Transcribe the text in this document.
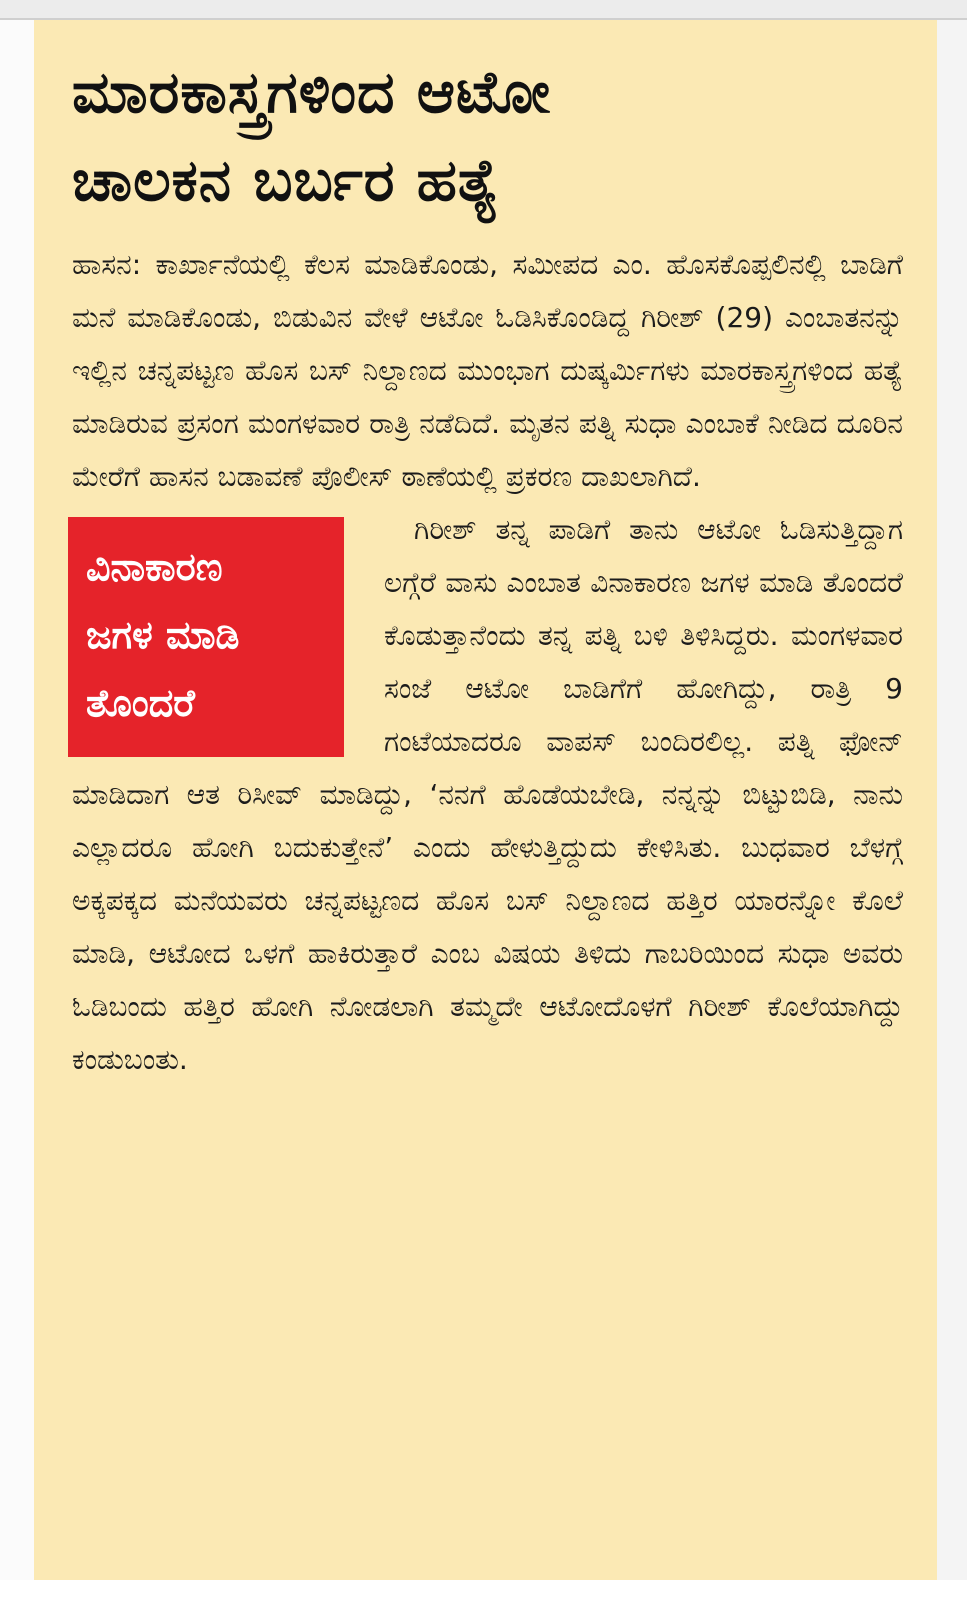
ಮಾರಕಾಸ್ತ್ರಗಳಿಂದ ಆಟೋ
ಚಾಲಕನ ಬರ್ಬರ ಹತ್ಯೆ

ಹಾಸನ: ಕಾರ್ಖಾನೆಯಲ್ಲಿ ಕೆಲಸ ಮಾಡಿಕೊಂಡು, ಸಮೀಪದ ಎಂ. ಹೊಸಕೊಪ್ಪಲಿನಲ್ಲಿ ಬಾಡಿಗೆ ಮನೆ ಮಾಡಿಕೊಂಡು, ಬಿಡುವಿನ ವೇಳೆ ಆಟೋ ಓಡಿಸಿಕೊಂಡಿದ್ದ ಗಿರೀಶ್ (29) ಎಂಬಾತನನ್ನು ಇಲ್ಲಿನ ಚನ್ನಪಟ್ಟಣ ಹೊಸ ಬಸ್ ನಿಲ್ದಾಣದ ಮುಂಭಾಗ ದುಷ್ಕರ್ಮಿಗಳು ಮಾರಕಾಸ್ತ್ರಗಳಿಂದ ಹತ್ಯೆ ಮಾಡಿರುವ ಪ್ರಸಂಗ ಮಂಗಳವಾರ ರಾತ್ರಿ ನಡೆದಿದೆ. ಮೃತನ ಪತ್ನಿ ಸುಧಾ ಎಂಬಾಕೆ ನೀಡಿದ ದೂರಿನ ಮೇರೆಗೆ ಹಾಸನ ಬಡಾವಣೆ ಪೊಲೀಸ್ ಠಾಣೆಯಲ್ಲಿ ಪ್ರಕರಣ ದಾಖಲಾಗಿದೆ.

ವಿನಾಕಾರಣ
ಜಗಳ ಮಾಡಿ
ತೊಂದರೆ

ಗಿರೀಶ್ ತನ್ನ ಪಾಡಿಗೆ ತಾನು ಆಟೋ ಓಡಿಸುತ್ತಿದ್ದಾಗ ಲಗ್ಗೆರೆ ವಾಸು ಎಂಬಾತ ವಿನಾಕಾರಣ ಜಗಳ ಮಾಡಿ ತೊಂದರೆ ಕೊಡುತ್ತಾನೆಂದು ತನ್ನ ಪತ್ನಿ ಬಳಿ ತಿಳಿಸಿದ್ದರು. ಮಂಗಳವಾರ ಸಂಜೆ ಆಟೋ ಬಾಡಿಗೆಗೆ ಹೋಗಿದ್ದು, ರಾತ್ರಿ 9 ಗಂಟೆಯಾದರೂ ವಾಪಸ್ ಬಂದಿರಲಿಲ್ಲ. ಪತ್ನಿ ಫೋನ್ ಮಾಡಿದಾಗ ಆತ ರಿಸೀವ್ ಮಾಡಿದ್ದು, ‘ನನಗೆ ಹೊಡೆಯಬೇಡಿ, ನನ್ನನ್ನು ಬಿಟ್ಟುಬಿಡಿ, ನಾನು ಎಲ್ಲಾದರೂ ಹೋಗಿ ಬದುಕುತ್ತೇನೆ’ ಎಂದು ಹೇಳುತ್ತಿದ್ದುದು ಕೇಳಿಸಿತು. ಬುಧವಾರ ಬೆಳಗ್ಗೆ ಅಕ್ಕಪಕ್ಕದ ಮನೆಯವರು ಚನ್ನಪಟ್ಟಣದ ಹೊಸ ಬಸ್ ನಿಲ್ದಾಣದ ಹತ್ತಿರ ಯಾರನ್ನೋ ಕೊಲೆ ಮಾಡಿ, ಆಟೋದ ಒಳಗೆ ಹಾಕಿರುತ್ತಾರೆ ಎಂಬ ವಿಷಯ ತಿಳಿದು ಗಾಬರಿಯಿಂದ ಸುಧಾ ಅವರು ಓಡಿಬಂದು ಹತ್ತಿರ ಹೋಗಿ ನೋಡಲಾಗಿ ತಮ್ಮದೇ ಆಟೋದೊಳಗೆ ಗಿರೀಶ್ ಕೊಲೆಯಾಗಿದ್ದು ಕಂಡುಬಂತು.
